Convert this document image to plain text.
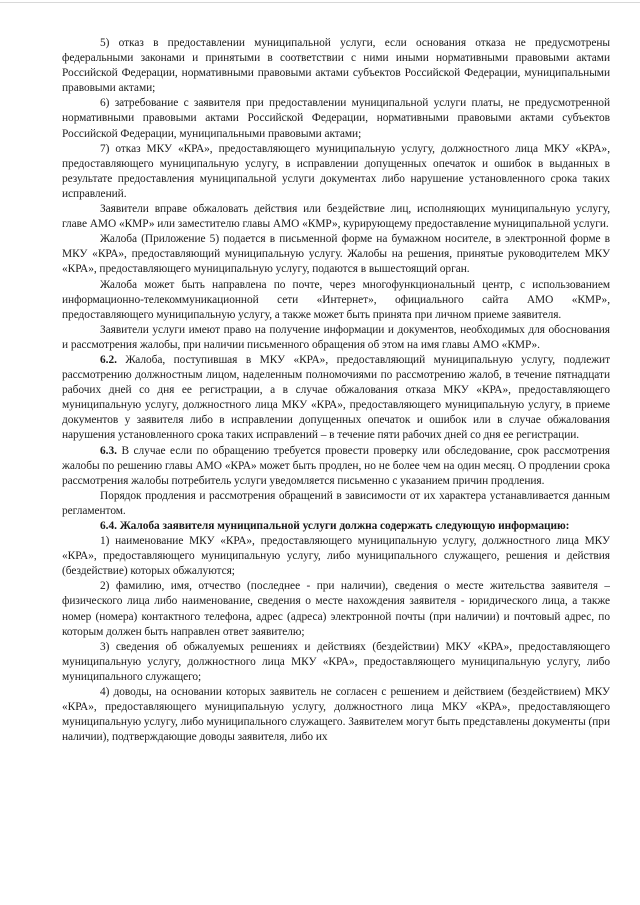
5) отказ в предоставлении муниципальной услуги, если основания отказа не предусмотрены федеральными законами и принятыми в соответствии с ними иными нормативными правовыми актами Российской Федерации, нормативными правовыми актами субъектов Российской Федерации, муниципальными правовыми актами;

6) затребование с заявителя при предоставлении муниципальной услуги платы, не предусмотренной нормативными правовыми актами Российской Федерации, нормативными правовыми актами субъектов Российской Федерации, муниципальными правовыми актами;

7) отказ МКУ «КРА», предоставляющего муниципальную услугу, должностного лица МКУ «КРА», предоставляющего муниципальную услугу, в исправлении допущенных опечаток и ошибок в выданных в результате предоставления муниципальной услуги документах либо нарушение установленного срока таких исправлений.

Заявители вправе обжаловать действия или бездействие лиц, исполняющих муниципальную услугу, главе АМО «КМР» или заместителю главы АМО «КМР», курирующему предоставление муниципальной услуги.

Жалоба (Приложение 5) подается в письменной форме на бумажном носителе, в электронной форме в МКУ «КРА», предоставляющий муниципальную услугу. Жалобы на решения, принятые руководителем МКУ «КРА», предоставляющего муниципальную услугу, подаются в вышестоящий орган.

Жалоба может быть направлена по почте, через многофункциональный центр, с использованием информационно-телекоммуникационной сети «Интернет», официального сайта АМО «КМР», предоставляющего муниципальную услугу, а также может быть принята при личном приеме заявителя.

Заявители услуги имеют право на получение информации и документов, необходимых для обоснования и рассмотрения жалобы, при наличии письменного обращения об этом на имя главы АМО «КМР».

6.2. Жалоба, поступившая в МКУ «КРА», предоставляющий муниципальную услугу, подлежит рассмотрению должностным лицом, наделенным полномочиями по рассмотрению жалоб, в течение пятнадцати рабочих дней со дня ее регистрации, а в случае обжалования отказа МКУ «КРА», предоставляющего муниципальную услугу, должностного лица МКУ «КРА», предоставляющего муниципальную услугу, в приеме документов у заявителя либо в исправлении допущенных опечаток и ошибок или в случае обжалования нарушения установленного срока таких исправлений – в течение пяти рабочих дней со дня ее регистрации.

6.3. В случае если по обращению требуется провести проверку или обследование, срок рассмотрения жалобы по решению главы АМО «КРА» может быть продлен, но не более чем на один месяц. О продлении срока рассмотрения жалобы потребитель услуги уведомляется письменно с указанием причин продления.

Порядок продления и рассмотрения обращений в зависимости от их характера устанавливается данным регламентом.

6.4. Жалоба заявителя муниципальной услуги должна содержать следующую информацию:

1) наименование МКУ «КРА», предоставляющего муниципальную услугу, должностного лица МКУ «КРА», предоставляющего муниципальную услугу, либо муниципального служащего, решения и действия (бездействие) которых обжалуются;

2) фамилию, имя, отчество (последнее - при наличии), сведения о месте жительства заявителя – физического лица либо наименование, сведения о месте нахождения заявителя - юридического лица, а также номер (номера) контактного телефона, адрес (адреса) электронной почты (при наличии) и почтовый адрес, по которым должен быть направлен ответ заявителю;

3) сведения об обжалуемых решениях и действиях (бездействии) МКУ «КРА», предоставляющего муниципальную услугу, должностного лица МКУ «КРА», предоставляющего муниципальную услугу, либо муниципального служащего;

4) доводы, на основании которых заявитель не согласен с решением и действием (бездействием) МКУ «КРА», предоставляющего муниципальную услугу, должностного лица МКУ «КРА», предоставляющего муниципальную услугу, либо муниципального служащего. Заявителем могут быть представлены документы (при наличии), подтверждающие доводы заявителя, либо их
